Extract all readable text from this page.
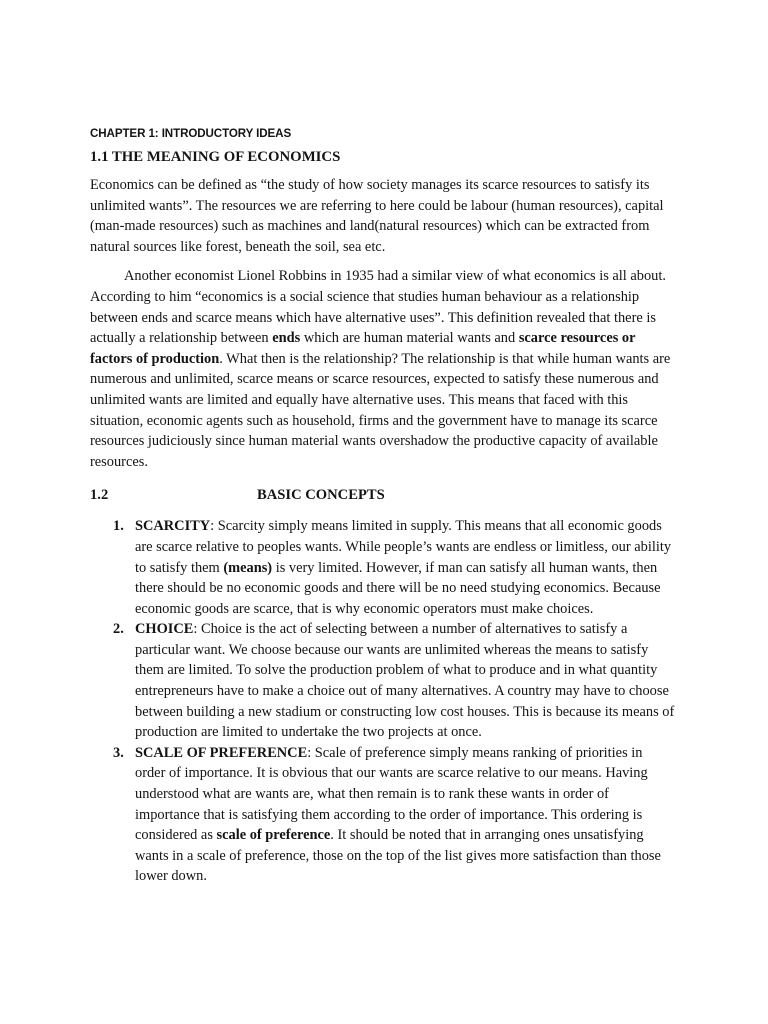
CHAPTER 1: INTRODUCTORY IDEAS
1.1 THE MEANING OF ECONOMICS

Economics can be defined as “the study of how society manages its scarce resources to satisfy its unlimited wants”. The resources we are referring to here could be labour (human resources), capital (man-made resources) such as machines and land(natural resources) which can be extracted from natural sources like forest, beneath the soil, sea etc.

Another economist Lionel Robbins in 1935 had a similar view of what economics is all about. According to him “economics is a social science that studies human behaviour as a relationship between ends and scarce means which have alternative uses”. This definition revealed that there is actually a relationship between ends which are human material wants and scarce resources or factors of production. What then is the relationship? The relationship is that while human wants are numerous and unlimited, scarce means or scarce resources, expected to satisfy these numerous and unlimited wants are limited and equally have alternative uses. This means that faced with this situation, economic agents such as household, firms and the government have to manage its scarce resources judiciously since human material wants overshadow the productive capacity of available resources.

1.2	BASIC CONCEPTS
1. SCARCITY: Scarcity simply means limited in supply. This means that all economic goods are scarce relative to peoples wants. While people’s wants are endless or limitless, our ability to satisfy them (means) is very limited. However, if man can satisfy all human wants, then there should be no economic goods and there will be no need studying economics. Because economic goods are scarce, that is why economic operators must make choices.
2. CHOICE: Choice is the act of selecting between a number of alternatives to satisfy a particular want. We choose because our wants are unlimited whereas the means to satisfy them are limited. To solve the production problem of what to produce and in what quantity entrepreneurs have to make a choice out of many alternatives. A country may have to choose between building a new stadium or constructing low cost houses. This is because its means of production are limited to undertake the two projects at once.
3. SCALE OF PREFERENCE: Scale of preference simply means ranking of priorities in order of importance. It is obvious that our wants are scarce relative to our means. Having understood what are wants are, what then remain is to rank these wants in order of importance that is satisfying them according to the order of importance. This ordering is considered as scale of preference. It should be noted that in arranging ones unsatisfying wants in a scale of preference, those on the top of the list gives more satisfaction than those lower down.
